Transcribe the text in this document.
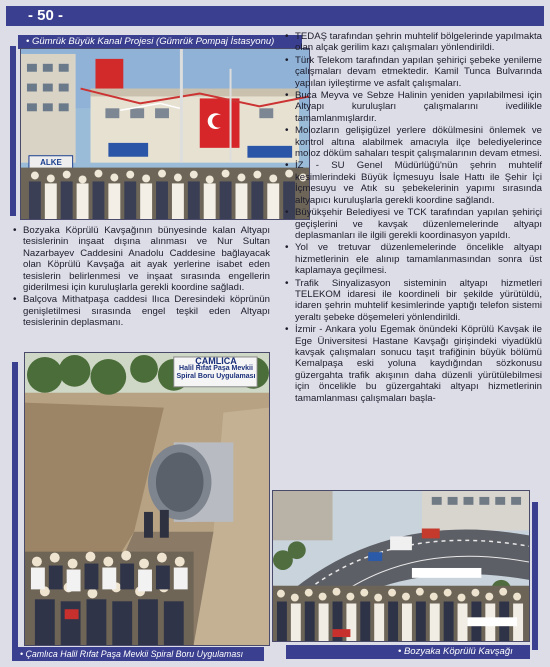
- 50 -
• Gümrük Büyük Kanal Projesi (Gümrük Pompaj İstasyonu)
ALKE
• Bozyaka Köprülü Kavşağının bünyesinde kalan Altyapı tesislerinin inşaat dışına alınması ve Nur Sultan Nazarbayev Caddesini Anadolu Caddesine bağlayacak olan Köprülü Kavşağa ait ayak yerlerine isabet eden tesislerin belirlenmesi ve inşaat sırasında engellerin giderilmesi için kuruluşlarla gerekli koordine sağladı.
• Balçova Mithatpaşa caddesi Ilıca Deresindeki köprünün genişletilmesi sırasında engel teşkil eden Altyapı tesislerinin deplasmanı.
ÇAMLICA
Halil Rıfat Paşa Mevkii
Spiral Boru Uygulaması
• Çamlıca Halil Rıfat Paşa Mevkii Spiral Boru Uygulaması
• TEDAŞ tarafından şehrin muhtelif bölgelerinde yapılmakta olan alçak gerilim kazı çalışmaları yönlendirildi.
• Türk Telekom tarafından yapılan şehiriçi şebeke yenileme çalışmaları devam etmektedir. Kamil Tunca Bulvarında yapılan iyileştirme ve asfalt çalışmaları.
• Buca Meyva ve Sebze Halinin yeniden yapılabilmesi için Altyapı kuruluşları çalışmalarını ivedilikle tamamlanmışlardır.
• Molozların gelişigüzel yerlere dökülmesini önlemek ve kontrol altına alabilmek amacıyla ilçe belediyelerince moloz döküm sahaları tespit çalışmalarının devam etmesi.
• İZ - SU Genel Müdürlüğü'nün şehrin muhtelif kesimlerindeki Büyük İçmesuyu İsale Hattı ile Şehir İçi İçmesuyu ve Atık su şebekelerinin yapımı sırasında altyapıcı kuruluşlarla gerekli koordine sağlandı.
• Büyükşehir Belediyesi ve TCK tarafından yapılan şehiriçi geçişlerini ve kavşak düzenlemelerinde altyapı deplasmanları ile ilgili gerekli koordinasyon yapıldı.
• Yol ve tretuvar düzenlemelerinde öncelikle altyapı hizmetlerinin ele alınıp tamamlanmasından sonra üst kaplamaya geçilmesi.
• Trafik Sinyalizasyon sisteminin altyapı hizmetleri TELEKOM idaresi ile koordineli bir şekilde yürütüldü, idaren şehrin muhtelif kesimlerinde yaptığı telefon sistemi yeraltı şebeke döşemeleri yönlendirildi.
• İzmir - Ankara yolu Egemak önündeki Köprülü Kavşak ile Ege Üniversitesi Hastane Kavşağı girişindeki viyadüklü kavşak çalışmaları sonucu taşıt trafiğinin büyük bölümü Kemalpaşa eski yoluna kaydığından sözkonusu güzergahta trafik akışının daha düzenli yürütülebilmesi için öncelikle bu güzergahtaki altyapı hizmetlerinin tamamlanması çalışmaları başla-
• Bozyaka Köprülü Kavşağı
